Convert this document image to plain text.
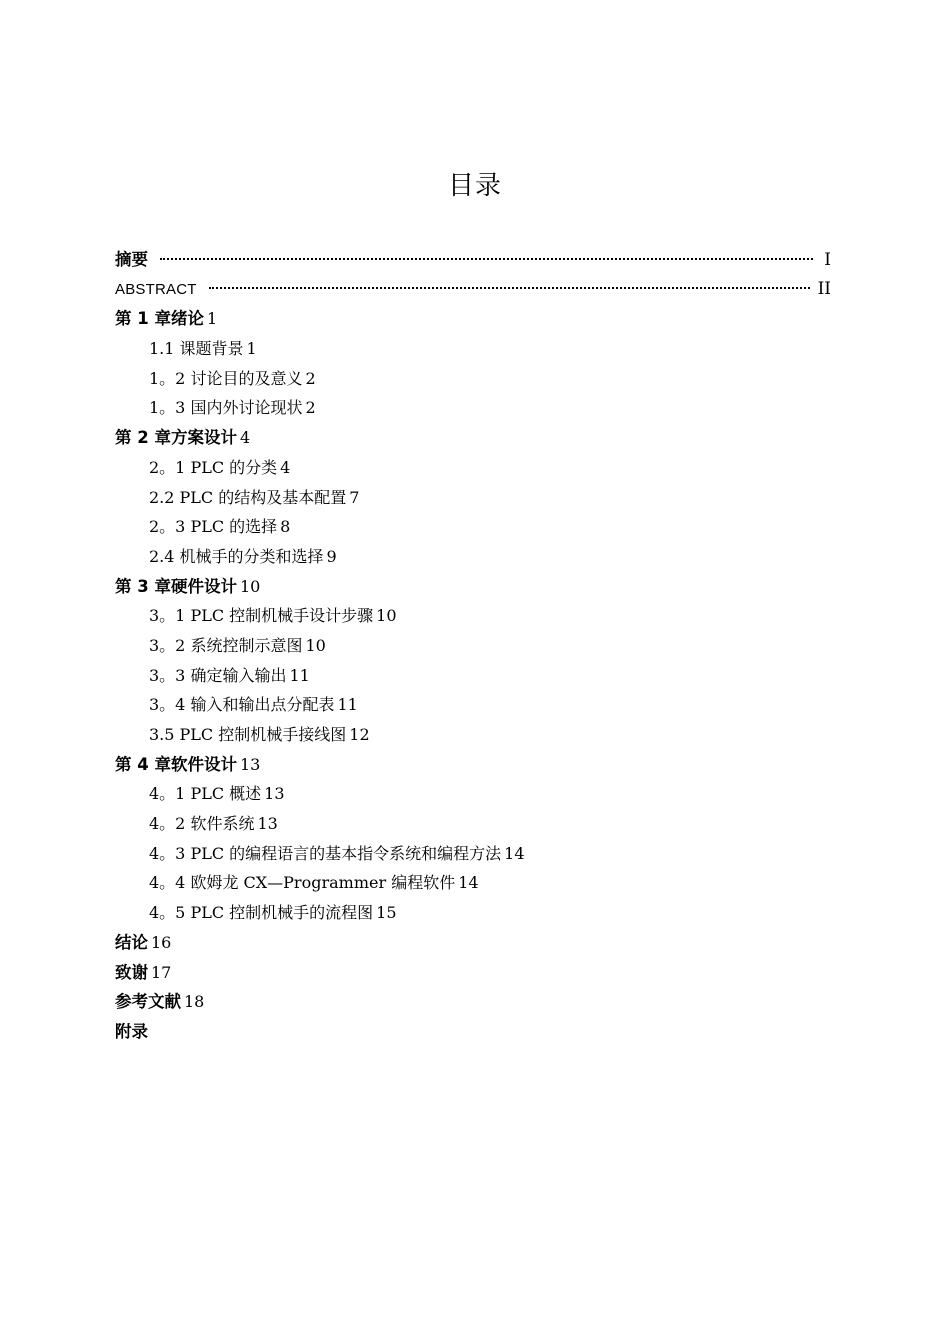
目录
摘要	I
ABSTRACT	II
第 1 章绪论 1
1.1 课题背景 1
1。2 讨论目的及意义 2
1。3 国内外讨论现状 2
第 2 章方案设计 4
2。1 PLC 的分类 4
2.2 PLC 的结构及基本配置 7
2。3 PLC 的选择 8
2.4 机械手的分类和选择 9
第 3 章硬件设计 10
3。1 PLC 控制机械手设计步骤 10
3。2 系统控制示意图 10
3。3 确定输入输出 11
3。4 输入和输出点分配表 11
3.5 PLC 控制机械手接线图 12
第 4 章软件设计 13
4。1 PLC 概述 13
4。2 软件系统 13
4。3 PLC 的编程语言的基本指令系统和编程方法 14
4。4 欧姆龙 CX—Programmer 编程软件 14
4。5 PLC 控制机械手的流程图 15
结论 16
致谢 17
参考文献 18
附录
